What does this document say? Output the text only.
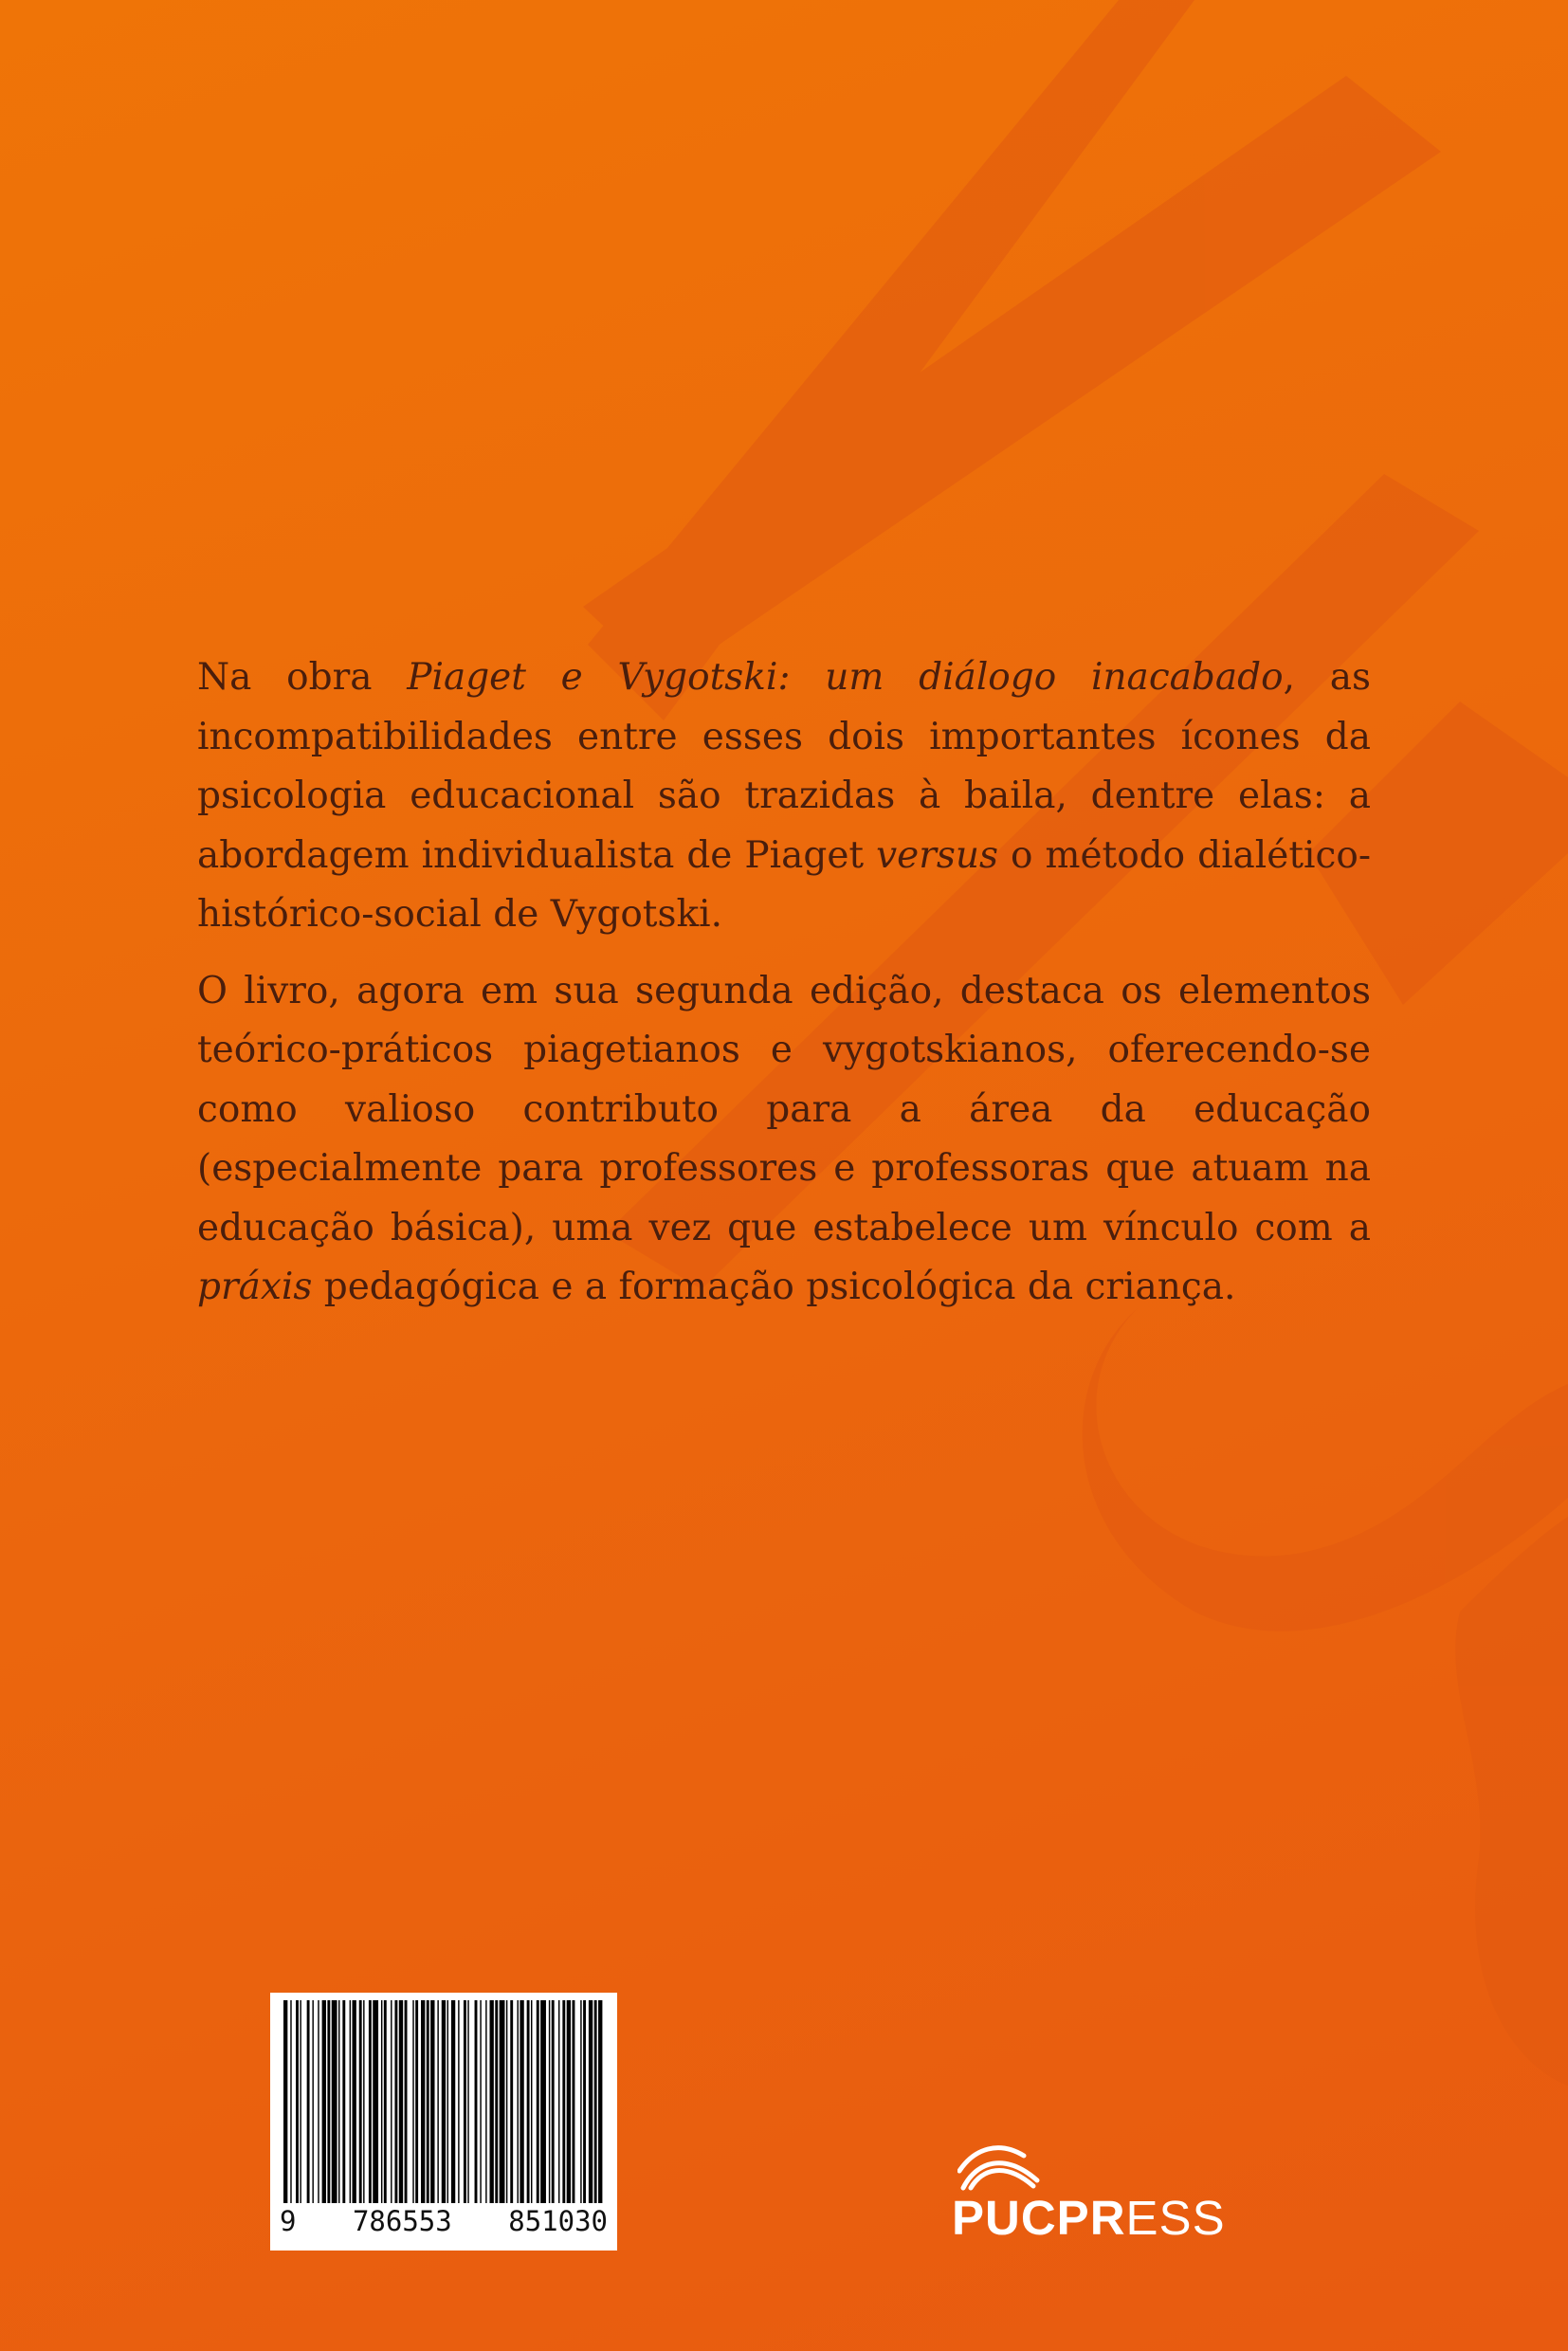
Na obra Piaget e Vygotski: um diálogo inacabado, as incompatibilidades entre esses dois importantes ícones da psicologia educacional são trazidas à baila, dentre elas: a abordagem individualista de Piaget versus o método dialético-histórico-social de Vygotski.

O livro, agora em sua segunda edição, destaca os elementos teórico-práticos piagetianos e vygotskianos, oferecendo-se como valioso contributo para a área da educação (especialmente para professores e professoras que atuam na educação básica), uma vez que estabelece um vínculo com a práxis pedagógica e a formação psicológica da criança.

9 786553 851030	PUCPRESS
